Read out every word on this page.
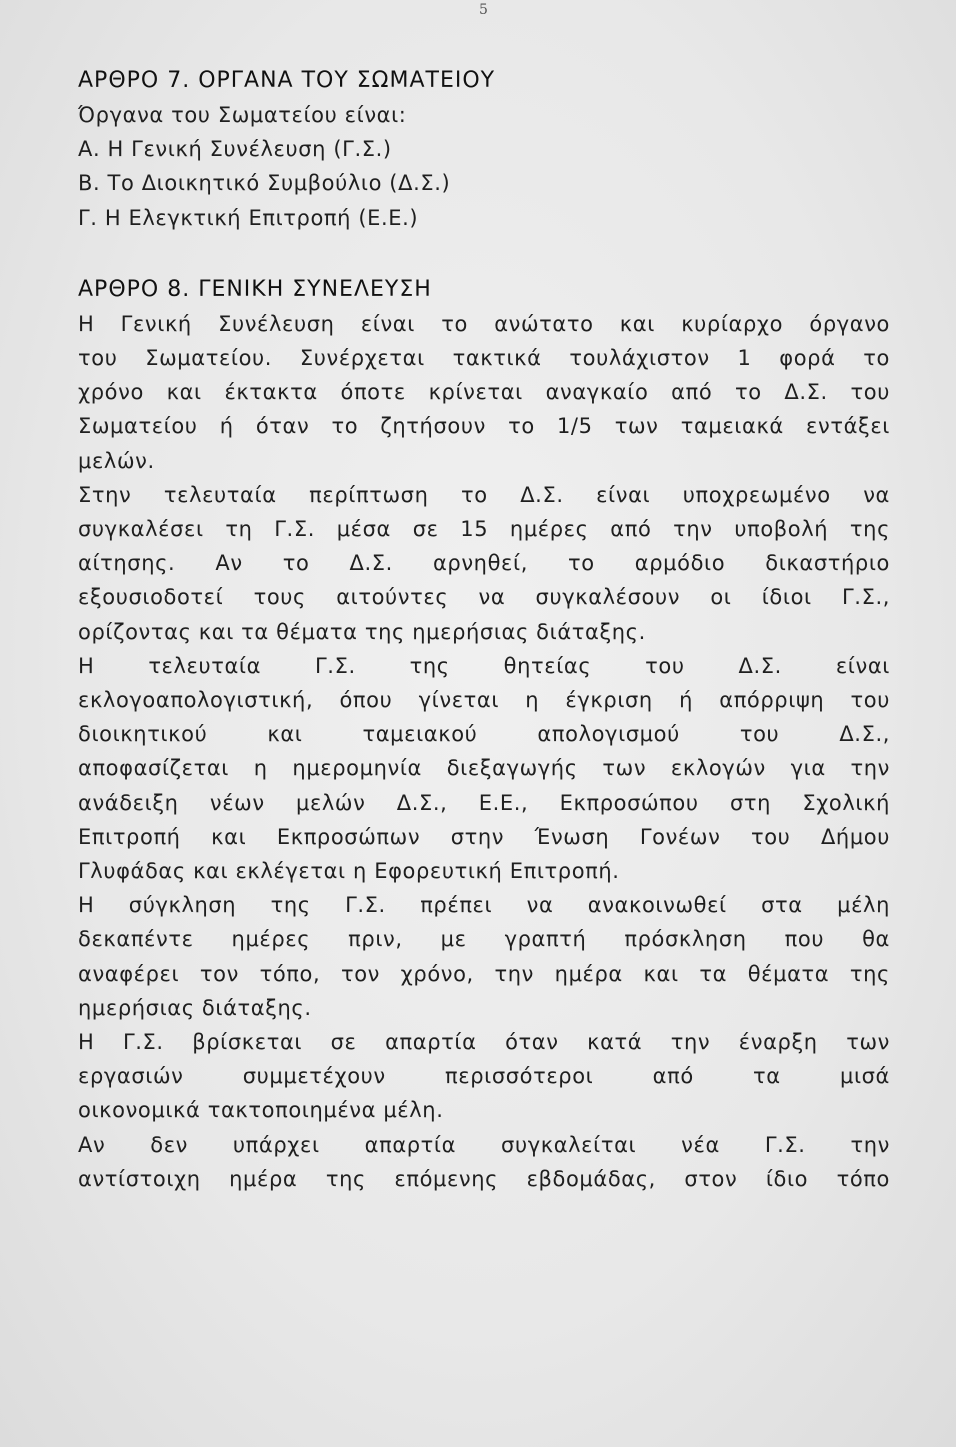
5
ΑΡΘΡΟ 7. ΟΡΓΑΝΑ ΤΟΥ ΣΩΜΑΤΕΙΟΥ

Όργανα του Σωματείου είναι:

Α. Η Γενική Συνέλευση (Γ.Σ.)

Β. Το Διοικητικό Συμβούλιο (Δ.Σ.)

Γ. Η Ελεγκτική Επιτροπή (Ε.Ε.)

ΑΡΘΡΟ 8. ΓΕΝΙΚΗ ΣΥΝΕΛΕΥΣΗ

Η Γενική Συνέλευση είναι το ανώτατο και κυρίαρχο όργανο

του Σωματείου. Συνέρχεται τακτικά τουλάχιστον 1 φορά το

χρόνο και έκτακτα όποτε κρίνεται αναγκαίο από το Δ.Σ. του

Σωματείου ή όταν το ζητήσουν το 1/5 των ταμειακά εντάξει

μελών.

Στην τελευταία περίπτωση το Δ.Σ. είναι υποχρεωμένο να

συγκαλέσει τη Γ.Σ. μέσα σε 15 ημέρες από την υποβολή της

αίτησης. Αν το Δ.Σ. αρνηθεί, το αρμόδιο δικαστήριο

εξουσιοδοτεί τους αιτούντες να συγκαλέσουν οι ίδιοι Γ.Σ.,

ορίζοντας και τα θέματα της ημερήσιας διάταξης.

Η τελευταία Γ.Σ. της θητείας του Δ.Σ. είναι

εκλογοαπολογιστική, όπου γίνεται η έγκριση ή απόρριψη του

διοικητικού και ταμειακού απολογισμού του Δ.Σ.,

αποφασίζεται η ημερομηνία διεξαγωγής των εκλογών για την

ανάδειξη νέων μελών Δ.Σ., Ε.Ε., Εκπροσώπου στη Σχολική

Επιτροπή και Εκπροσώπων στην Ένωση Γονέων του Δήμου

Γλυφάδας και εκλέγεται η Εφορευτική Επιτροπή.

Η σύγκληση της Γ.Σ. πρέπει να ανακοινωθεί στα μέλη

δεκαπέντε ημέρες πριν, με γραπτή πρόσκληση που θα

αναφέρει τον τόπο, τον χρόνο, την ημέρα και τα θέματα της

ημερήσιας διάταξης.

Η Γ.Σ. βρίσκεται σε απαρτία όταν κατά την έναρξη των

εργασιών συμμετέχουν περισσότεροι από τα μισά

οικονομικά τακτοποιημένα μέλη.

Αν δεν υπάρχει απαρτία συγκαλείται νέα Γ.Σ. την

αντίστοιχη ημέρα της επόμενης εβδομάδας, στον ίδιο τόπο
